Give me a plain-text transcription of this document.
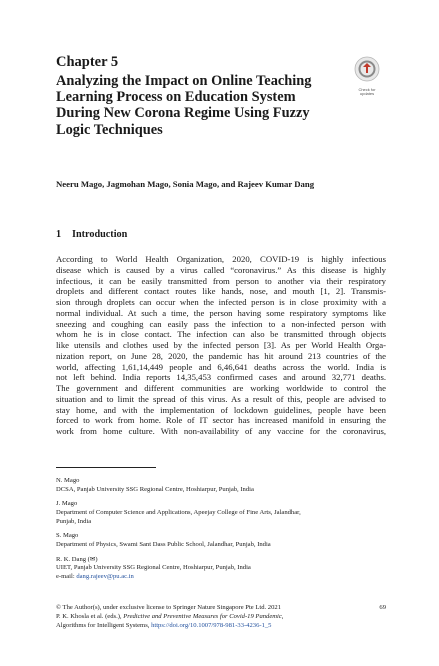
Chapter 5
Analyzing the Impact on Online Teaching
Learning Process on Education System
During New Corona Regime Using Fuzzy
Logic Techniques
Check for
updates
Neeru Mago, Jagmohan Mago, Sonia Mago, and Rajeev Kumar Dang
1 Introduction
According to World Health Organization, 2020, COVID-19 is highly infectious
disease which is caused by a virus called “coronavirus.” As this disease is highly
infectious, it can be easily transmitted from person to another via their respiratory
droplets and different contact routes like hands, nose, and mouth [1, 2]. Transmis-
sion through droplets can occur when the infected person is in close proximity with a
normal individual. At such a time, the person having some respiratory symptoms like
sneezing and coughing can easily pass the infection to a non-infected person with
whom he is in close contact. The infection can also be transmitted through objects
like utensils and clothes used by the infected person [3]. As per World Health Orga-
nization report, on June 28, 2020, the pandemic has hit around 213 countries of the
world, affecting 1,61,14,449 people and 6,46,641 deaths across the world. India is
not left behind. India reports 14,35,453 confirmed cases and around 32,771 deaths.
The government and different communities are working worldwide to control the
situation and to limit the spread of this virus. As a result of this, people are advised to
stay home, and with the implementation of lockdown guidelines, people have been
forced to work from home. Role of IT sector has increased manifold in ensuring the
work from home culture. With non-availability of any vaccine for the coronavirus,
N. Mago
DCSA, Panjab University SSG Regional Centre, Hoshiarpur, Punjab, India
J. Mago
Department of Computer Science and Applications, Apeejay College of Fine Arts, Jalandhar,
Punjab, India
S. Mago
Department of Physics, Swami Sant Dass Public School, Jalandhar, Punjab, India
R. K. Dang (✉)
UIET, Panjab University SSG Regional Centre, Hoshiarpur, Punjab, India
e-mail: dang.rajeev@pu.ac.in
69
© The Author(s), under exclusive license to Springer Nature Singapore Pte Ltd. 2021
P. K. Khosla et al. (eds.), Predictive and Preventive Measures for Covid-19 Pandemic,
Algorithms for Intelligent Systems, https://doi.org/10.1007/978-981-33-4236-1_5
